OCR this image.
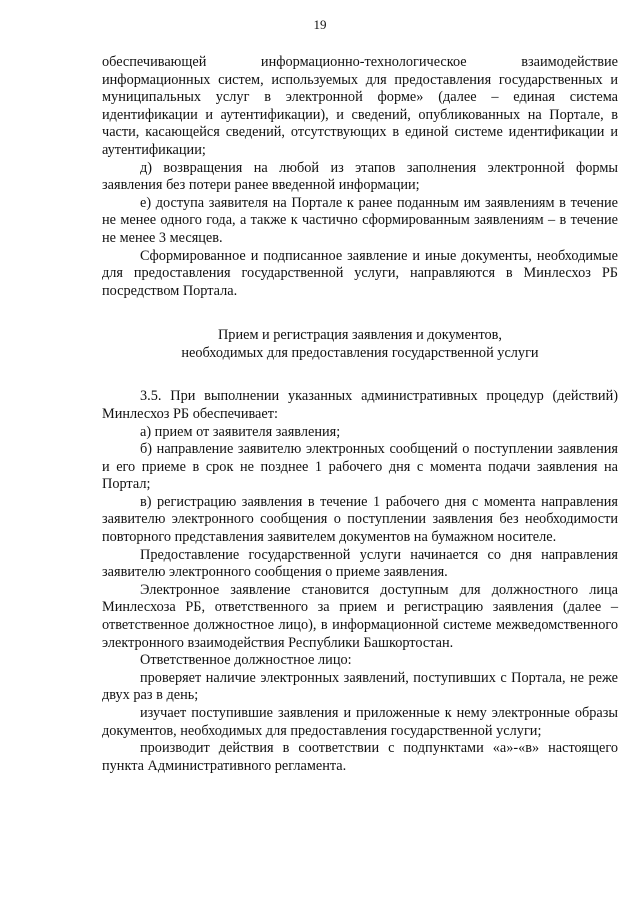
19

обеспечивающей информационно-технологическое взаимодействие информационных систем, используемых для предоставления государственных и муниципальных услуг в электронной форме» (далее – единая система идентификации и аутентификации), и сведений, опубликованных на Портале, в части, касающейся сведений, отсутствующих в единой системе идентификации и аутентификации;

д) возвращения на любой из этапов заполнения электронной формы заявления без потери ранее введенной информации;

е) доступа заявителя на Портале к ранее поданным им заявлениям в течение не менее одного года, а также к частично сформированным заявлениям – в течение не менее 3 месяцев.

Сформированное и подписанное заявление и иные документы, необходимые для предоставления государственной услуги, направляются в Минлесхоз РБ посредством Портала.

Прием и регистрация заявления и документов,
необходимых для предоставления государственной услуги

3.5. При выполнении указанных административных процедур (действий) Минлесхоз РБ обеспечивает:

а) прием от заявителя заявления;

б) направление заявителю электронных сообщений о поступлении заявления и его приеме в срок не позднее 1 рабочего дня с момента подачи заявления на Портал;

в) регистрацию заявления в течение 1 рабочего дня с момента направления заявителю электронного сообщения о поступлении заявления без необходимости повторного представления заявителем документов на бумажном носителе.

Предоставление государственной услуги начинается со дня направления заявителю электронного сообщения о приеме заявления.

Электронное заявление становится доступным для должностного лица Минлесхоза РБ, ответственного за прием и регистрацию заявления (далее – ответственное должностное лицо), в информационной системе межведомственного электронного взаимодействия Республики Башкортостан.

Ответственное должностное лицо:

проверяет наличие электронных заявлений, поступивших с Портала, не реже двух раз в день;

изучает поступившие заявления и приложенные к нему электронные образы документов, необходимых для предоставления государственной услуги;

производит действия в соответствии с подпунктами «а»-«в» настоящего пункта Административного регламента.
